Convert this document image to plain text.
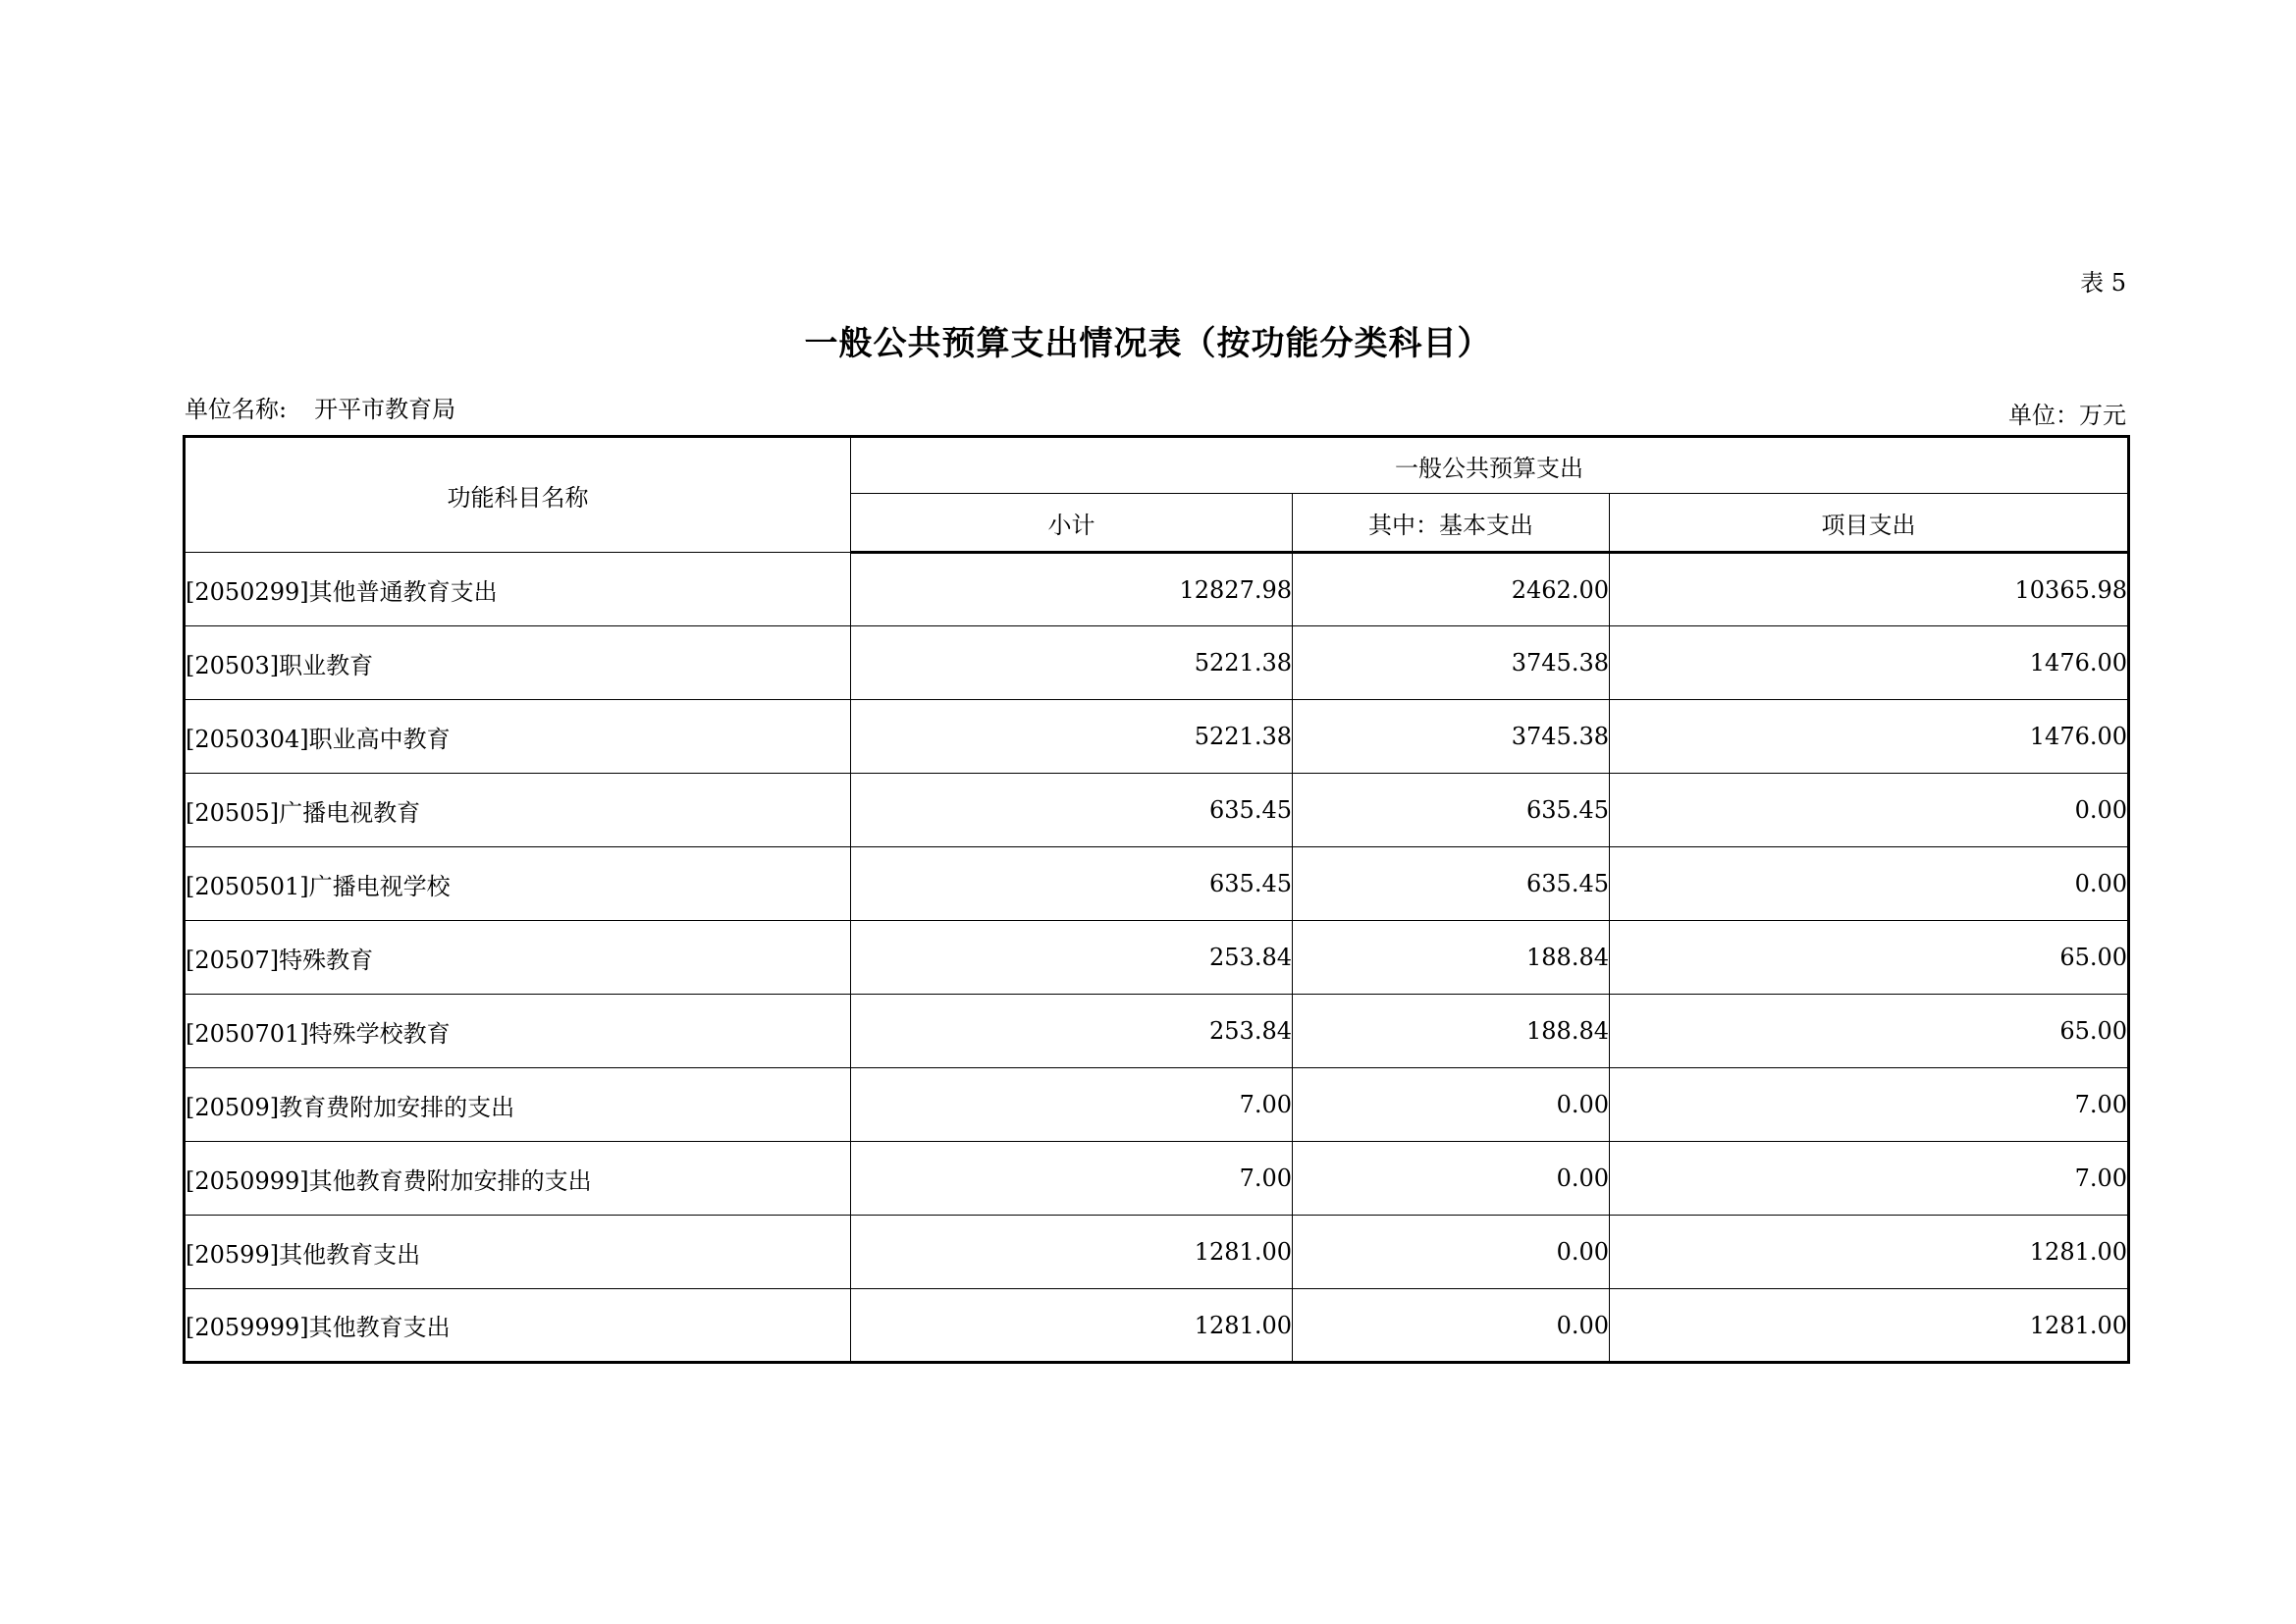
表 5
一般公共预算支出情况表（按功能分类科目）
单位名称: 开平市教育局	单位：万元
功能科目名称	一般公共预算支出		
	小计	其中：基本支出	项目支出
[2050299]其他普通教育支出	12827.98	2462.00	10365.98
[20503]职业教育	5221.38	3745.38	1476.00
[2050304]职业高中教育	5221.38	3745.38	1476.00
[20505]广播电视教育	635.45	635.45	0.00
[2050501]广播电视学校	635.45	635.45	0.00
[20507]特殊教育	253.84	188.84	65.00
[2050701]特殊学校教育	253.84	188.84	65.00
[20509]教育费附加安排的支出	7.00	0.00	7.00
[2050999]其他教育费附加安排的支出	7.00	0.00	7.00
[20599]其他教育支出	1281.00	0.00	1281.00
[2059999]其他教育支出	1281.00	0.00	1281.00
